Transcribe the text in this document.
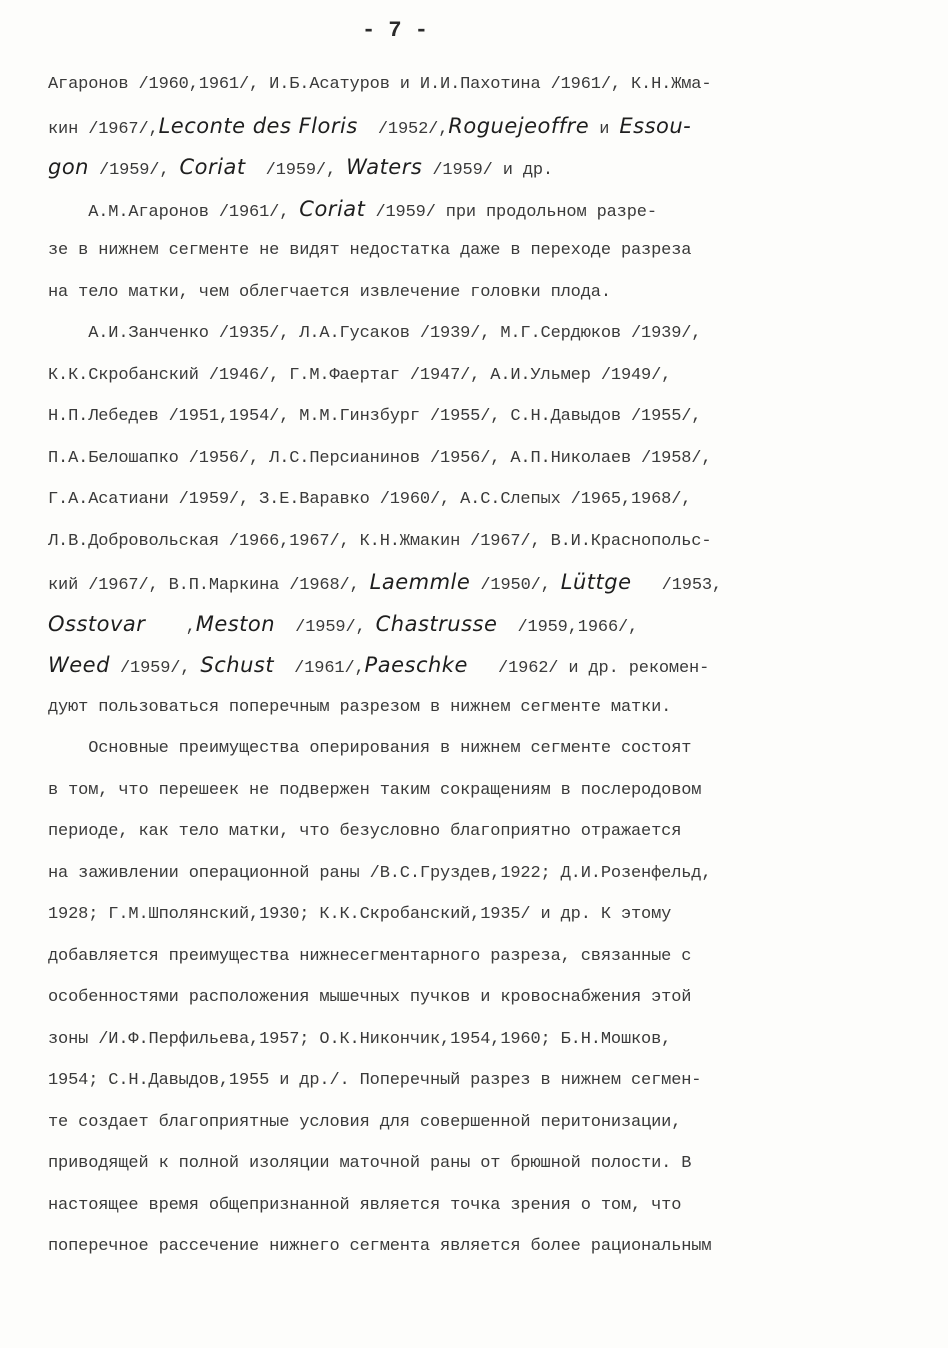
- 7 -
Агаронов /1960,1961/, И.Б.Асатуров и И.И.Пахотина /1961/, К.Н.Жма-
кин /1967/,Leconte des Floris  /1952/,Roguejeoffre и Essou-
gon /1959/, Coriat  /1959/, Waters /1959/ и др.
А.М.Агаронов /1961/, Coriat /1959/ при продольном разре-
зе в нижнем сегменте не видят недостатка даже в переходе разреза
на тело матки, чем облегчается извлечение головки плода.
А.И.Занченко /1935/, Л.А.Гусаков /1939/, М.Г.Сердюков /1939/,
К.К.Скробанский /1946/, Г.М.Фаертаг /1947/, А.И.Ульмер /1949/,
Н.П.Лебедев /1951,1954/, М.М.Гинзбург /1955/, С.Н.Давыдов /1955/,
П.А.Белошапко /1956/, Л.С.Персианинов /1956/, А.П.Николаев /1958/,
Г.А.Асатиани /1959/, З.Е.Варавко /1960/, А.С.Слепых /1965,1968/,
Л.В.Добровольская /1966,1967/, К.Н.Жмакин /1967/, В.И.Краснопольс-
кий /1967/, В.П.Маркина /1968/, Laemmle /1950/, Lüttge   /1953,
Osstovar    ,Meston  /1959/, Chastrusse  /1959,1966/,
Weed /1959/, Schust  /1961/,Paeschke   /1962/ и др. рекомен-
дуют пользоваться поперечным разрезом в нижнем сегменте матки.
Основные преимущества оперирования в нижнем сегменте состоят
в том, что перешеек не подвержен таким сокращениям в послеродовом
периоде, как тело матки, что безусловно благоприятно отражается
на заживлении операционной раны /В.С.Груздев,1922; Д.И.Розенфельд,
1928; Г.М.Шполянский,1930; К.К.Скробанский,1935/ и др. К этому
добавляется преимущества нижнесегментарного разреза, связанные с
особенностями расположения мышечных пучков и кровоснабжения этой
зоны /И.Ф.Перфильева,1957; О.К.Никончик,1954,1960; Б.Н.Мошков,
1954; С.Н.Давыдов,1955 и др./. Поперечный разрез в нижнем сегмен-
те создает благоприятные условия для совершенной перитонизации,
приводящей к полной изоляции маточной раны от брюшной полости. В
настоящее время общепризнанной является точка зрения о том, что
поперечное рассечение нижнего сегмента является более рациональным
